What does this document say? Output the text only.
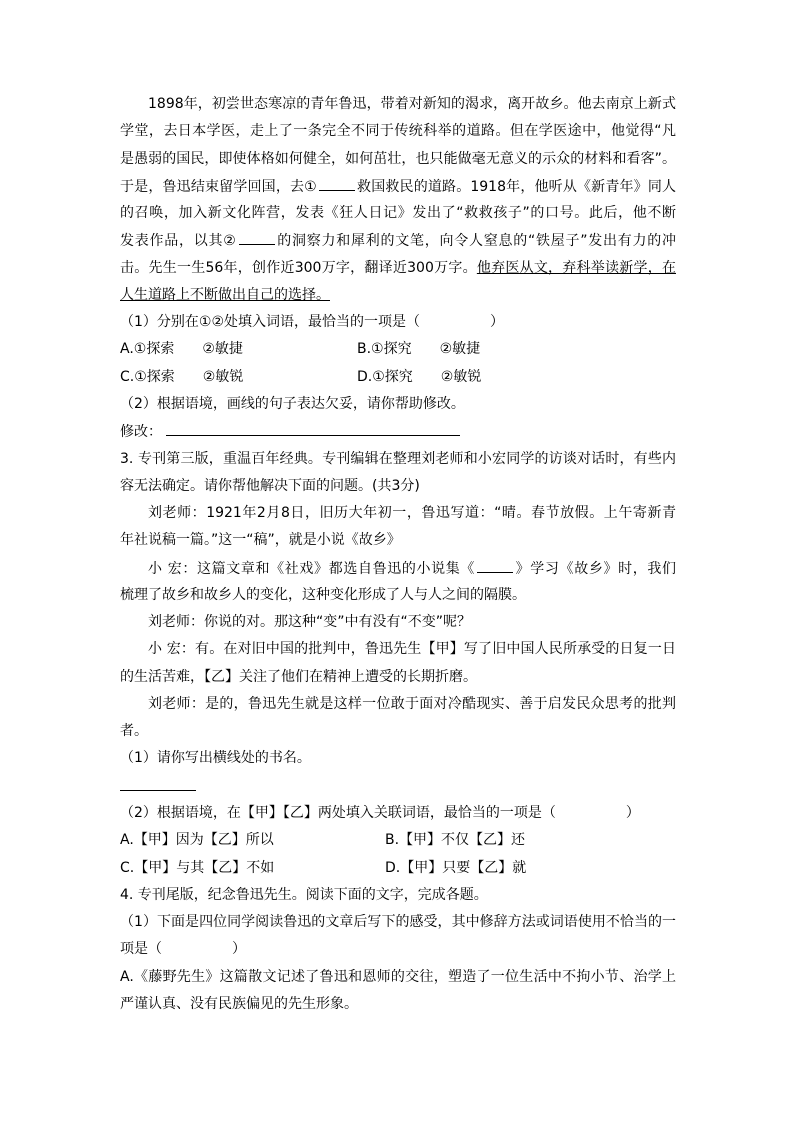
1898年，初尝世态寒凉的青年鲁迅，带着对新知的渴求，离开故乡。他去南京上新式
学堂，去日本学医，走上了一条完全不同于传统科举的道路。但在学医途中，他觉得“凡
是愚弱的国民，即使体格如何健全，如何茁壮，也只能做毫无意义的示众的材料和看客”。
于是，鲁迅结束留学回国，去①	救国救民的道路。1918年，他听从《新青年》同人
的召唤，加入新文化阵营，发表《狂人日记》发出了“救救孩子”的口号。此后，他不断
发表作品，以其②	的洞察力和犀利的文笔，向令人窒息的“铁屋子”发出有力的冲
击。先生一生56年，创作近300万字，翻译近300万字。他弃医从文，弃科举读新学，在
人生道路上不断做出自己的选择。
（1）分别在①②处填入词语，最恰当的一项是（　　　　　）
A.①探索　　②敏捷	B.①探究　　②敏捷
C.①探索　　②敏锐	D.①探究　　②敏锐
（2）根据语境，画线的句子表达欠妥，请你帮助修改。
修改：
3. 专刊第三版，重温百年经典。专刊编辑在整理刘老师和小宏同学的访谈对话时，有些内
容无法确定。请你帮他解决下面的问题。(共3分)
刘老师：1921年2月8日，旧历大年初一，鲁迅写道：“晴。春节放假。上午寄新青
年社说稿一篇。”这一“稿”，就是小说《故乡》
小 宏：这篇文章和《社戏》都选自鲁迅的小说集《	》学习《故乡》时，我们
梳理了故乡和故乡人的变化，这种变化形成了人与人之间的隔膜。
刘老师：你说的对。那这种“变”中有没有“不变”呢？
小 宏：有。在对旧中国的批判中，鲁迅先生【甲】写了旧中国人民所承受的日复一日
的生活苦难，【乙】关注了他们在精神上遭受的长期折磨。
刘老师：是的，鲁迅先生就是这样一位敢于面对冷酷现实、善于启发民众思考的批判
者。
（1）请你写出横线处的书名。
（2）根据语境，在【甲】【乙】两处填入关联词语，最恰当的一项是（　　　　　）
A.【甲】因为【乙】所以	B.【甲】不仅【乙】还
C.【甲】与其【乙】不如	D.【甲】只要【乙】就
4. 专刊尾版，纪念鲁迅先生。阅读下面的文字，完成各题。
（1）下面是四位同学阅读鲁迅的文章后写下的感受，其中修辞方法或词语使用不恰当的一
项是（　　　　　）
A.《藤野先生》这篇散文记述了鲁迅和恩师的交往，塑造了一位生活中不拘小节、治学上
严谨认真、没有民族偏见的先生形象。
